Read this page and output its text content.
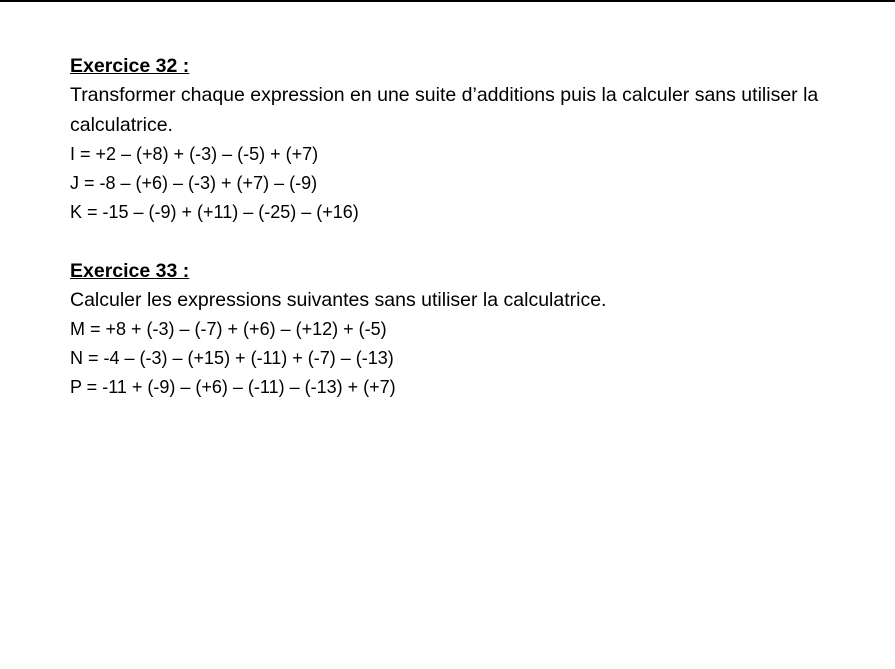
Exercice 32 :

Transformer chaque expression en une suite d’additions puis la calculer sans utiliser la calculatrice.

I = +2 – (+8) + (-3) – (-5) + (+7)

J = -8 – (+6) – (-3) + (+7) – (-9)

K = -15 – (-9) + (+11) – (-25) – (+16)

Exercice 33 :

Calculer les expressions suivantes sans utiliser la calculatrice.

M = +8 + (-3) – (-7) + (+6) – (+12) + (-5)

N = -4 – (-3) – (+15) + (-11) + (-7) – (-13)

P = -11 + (-9) – (+6) – (-11) – (-13) + (+7)
